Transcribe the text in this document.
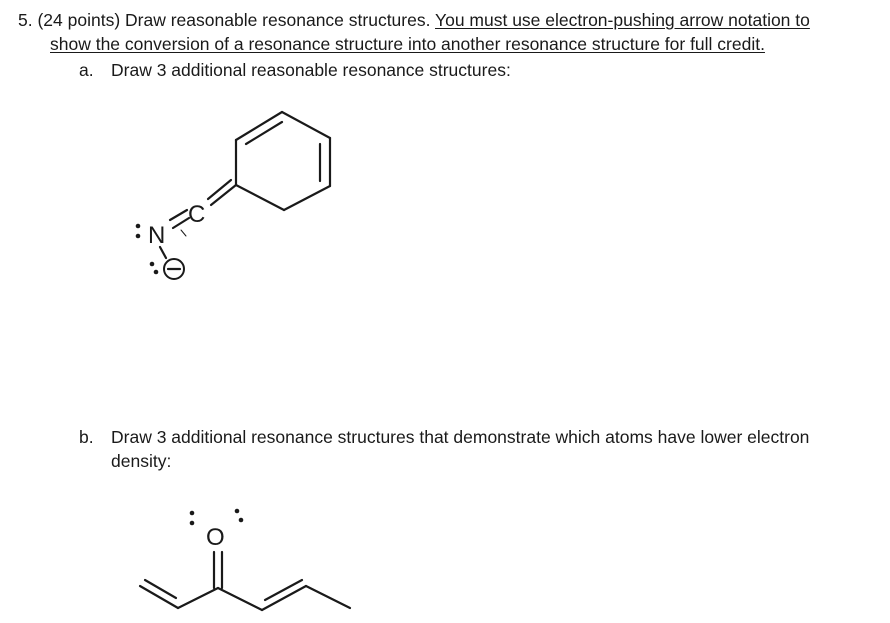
5. (24 points) Draw reasonable resonance structures. You must use electron-pushing arrow notation to
show the conversion of a resonance structure into another resonance structure for full credit.
a. Draw 3 additional reasonable resonance structures:
b. Draw 3 additional resonance structures that demonstrate which atoms have lower electron
density:
C
N
O
